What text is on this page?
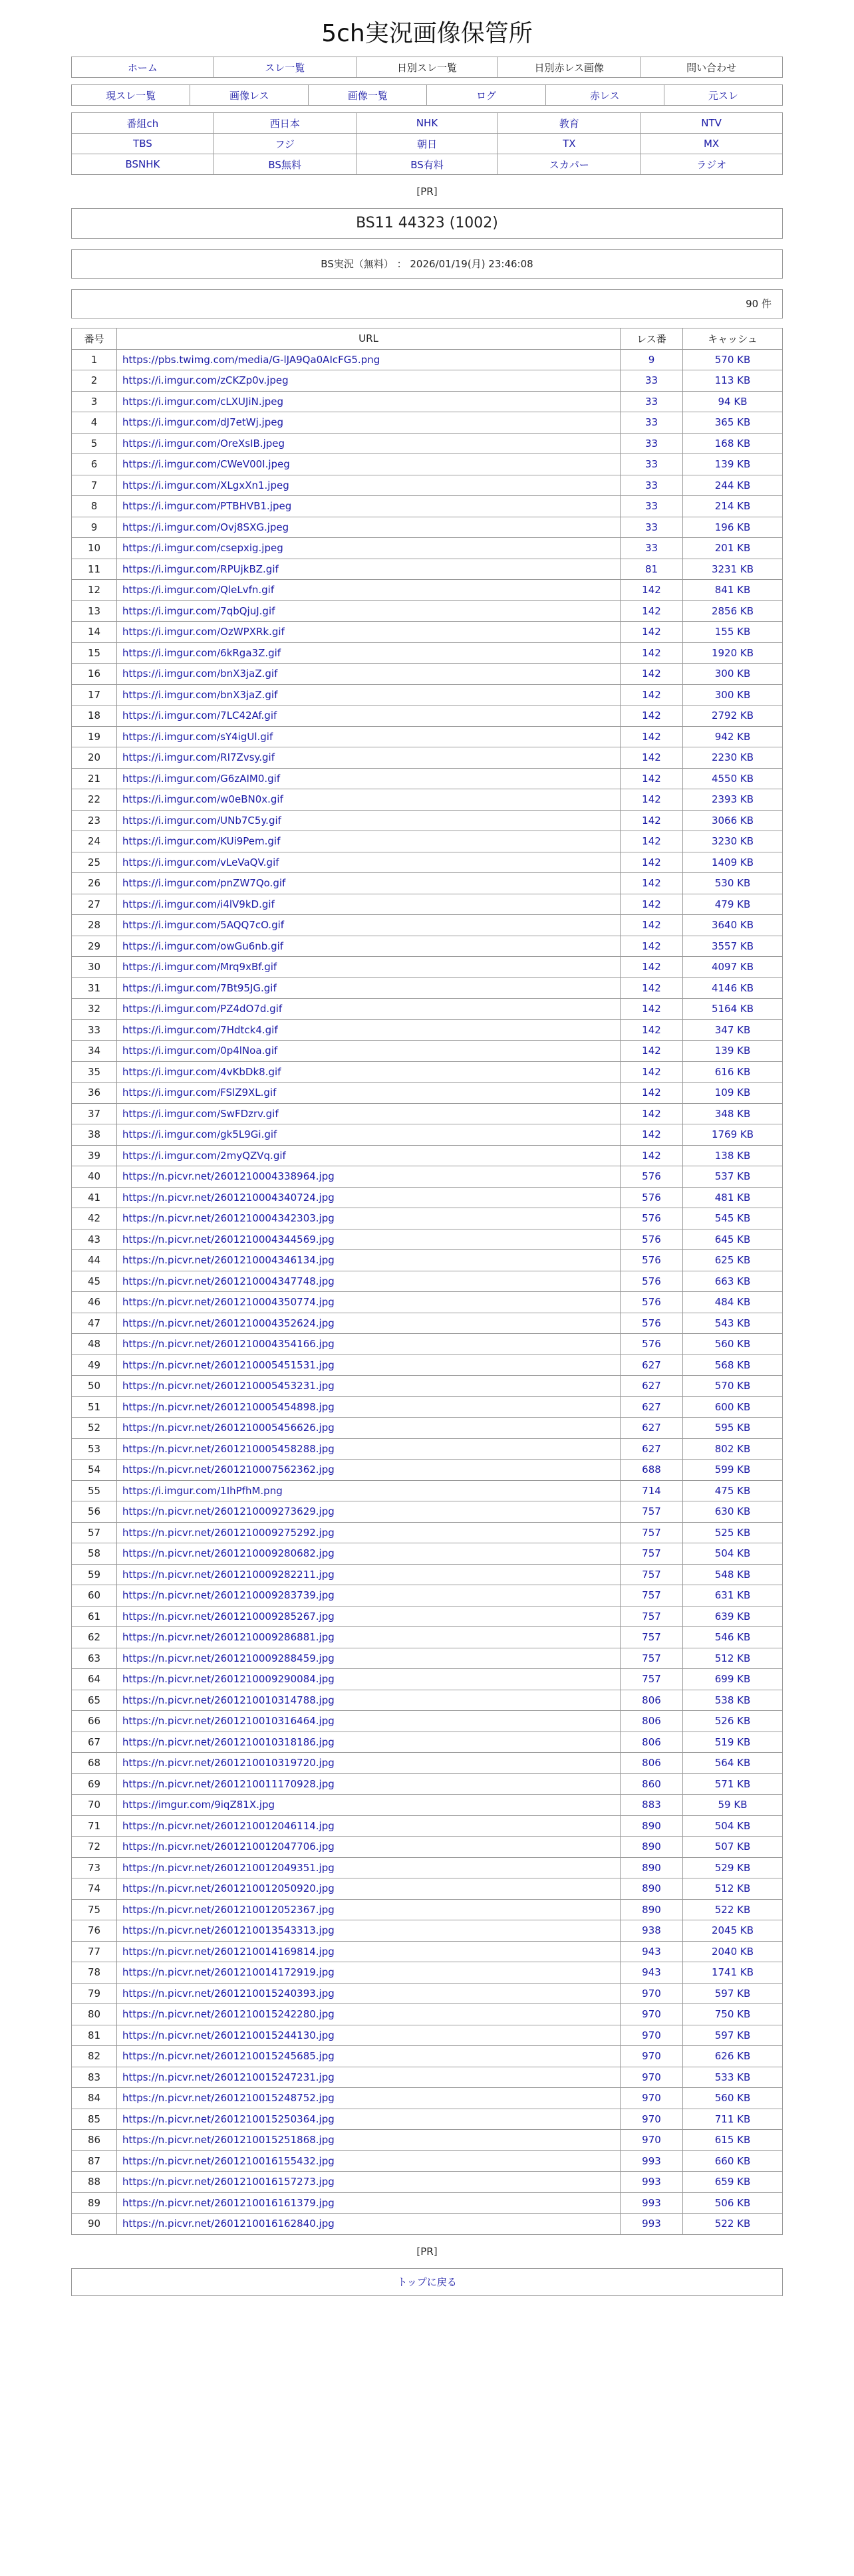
5ch実況画像保管所
ホーム	スレ一覧	日別スレ一覧	日別赤レス画像	問い合わせ
現スレ一覧	画像レス	画像一覧	ログ	赤レス	元スレ
番組ch	西日本	NHK	教育	NTV
TBS	フジ	朝日	TX	MX
BSNHK	BS無料	BS有料	スカパー	ラジオ
[PR]
BS11 44323 (1002)
BS実況（無料） ： 2026/01/19(月) 23:46:08
90 件
番号	URL	レス番	キャッシュ
1	https://pbs.twimg.com/media/G-lJA9Qa0AIcFG5.png	9	570 KB
2	https://i.imgur.com/zCKZp0v.jpeg	33	113 KB
3	https://i.imgur.com/cLXUJiN.jpeg	33	94 KB
4	https://i.imgur.com/dJ7etWj.jpeg	33	365 KB
5	https://i.imgur.com/OreXsIB.jpeg	33	168 KB
6	https://i.imgur.com/CWeV00I.jpeg	33	139 KB
7	https://i.imgur.com/XLgxXn1.jpeg	33	244 KB
8	https://i.imgur.com/PTBHVB1.jpeg	33	214 KB
9	https://i.imgur.com/Ovj8SXG.jpeg	33	196 KB
10	https://i.imgur.com/csepxig.jpeg	33	201 KB
11	https://i.imgur.com/RPUjkBZ.gif	81	3231 KB
12	https://i.imgur.com/QleLvfn.gif	142	841 KB
13	https://i.imgur.com/7qbQjuJ.gif	142	2856 KB
14	https://i.imgur.com/OzWPXRk.gif	142	155 KB
15	https://i.imgur.com/6kRga3Z.gif	142	1920 KB
16	https://i.imgur.com/bnX3jaZ.gif	142	300 KB
17	https://i.imgur.com/bnX3jaZ.gif	142	300 KB
18	https://i.imgur.com/7LC42Af.gif	142	2792 KB
19	https://i.imgur.com/sY4igUl.gif	142	942 KB
20	https://i.imgur.com/RI7Zvsy.gif	142	2230 KB
21	https://i.imgur.com/G6zAIM0.gif	142	4550 KB
22	https://i.imgur.com/w0eBN0x.gif	142	2393 KB
23	https://i.imgur.com/UNb7C5y.gif	142	3066 KB
24	https://i.imgur.com/KUi9Pem.gif	142	3230 KB
25	https://i.imgur.com/vLeVaQV.gif	142	1409 KB
26	https://i.imgur.com/pnZW7Qo.gif	142	530 KB
27	https://i.imgur.com/i4lV9kD.gif	142	479 KB
28	https://i.imgur.com/5AQQ7cO.gif	142	3640 KB
29	https://i.imgur.com/owGu6nb.gif	142	3557 KB
30	https://i.imgur.com/Mrq9xBf.gif	142	4097 KB
31	https://i.imgur.com/7Bt95JG.gif	142	4146 KB
32	https://i.imgur.com/PZ4dO7d.gif	142	5164 KB
33	https://i.imgur.com/7Hdtck4.gif	142	347 KB
34	https://i.imgur.com/0p4lNoa.gif	142	139 KB
35	https://i.imgur.com/4vKbDk8.gif	142	616 KB
36	https://i.imgur.com/FSlZ9XL.gif	142	109 KB
37	https://i.imgur.com/SwFDzrv.gif	142	348 KB
38	https://i.imgur.com/gk5L9Gi.gif	142	1769 KB
39	https://i.imgur.com/2myQZVq.gif	142	138 KB
40	https://n.picvr.net/2601210004338964.jpg	576	537 KB
41	https://n.picvr.net/2601210004340724.jpg	576	481 KB
42	https://n.picvr.net/2601210004342303.jpg	576	545 KB
43	https://n.picvr.net/2601210004344569.jpg	576	645 KB
44	https://n.picvr.net/2601210004346134.jpg	576	625 KB
45	https://n.picvr.net/2601210004347748.jpg	576	663 KB
46	https://n.picvr.net/2601210004350774.jpg	576	484 KB
47	https://n.picvr.net/2601210004352624.jpg	576	543 KB
48	https://n.picvr.net/2601210004354166.jpg	576	560 KB
49	https://n.picvr.net/2601210005451531.jpg	627	568 KB
50	https://n.picvr.net/2601210005453231.jpg	627	570 KB
51	https://n.picvr.net/2601210005454898.jpg	627	600 KB
52	https://n.picvr.net/2601210005456626.jpg	627	595 KB
53	https://n.picvr.net/2601210005458288.jpg	627	802 KB
54	https://n.picvr.net/2601210007562362.jpg	688	599 KB
55	https://i.imgur.com/1IhPfhM.png	714	475 KB
56	https://n.picvr.net/2601210009273629.jpg	757	630 KB
57	https://n.picvr.net/2601210009275292.jpg	757	525 KB
58	https://n.picvr.net/2601210009280682.jpg	757	504 KB
59	https://n.picvr.net/2601210009282211.jpg	757	548 KB
60	https://n.picvr.net/2601210009283739.jpg	757	631 KB
61	https://n.picvr.net/2601210009285267.jpg	757	639 KB
62	https://n.picvr.net/2601210009286881.jpg	757	546 KB
63	https://n.picvr.net/2601210009288459.jpg	757	512 KB
64	https://n.picvr.net/2601210009290084.jpg	757	699 KB
65	https://n.picvr.net/2601210010314788.jpg	806	538 KB
66	https://n.picvr.net/2601210010316464.jpg	806	526 KB
67	https://n.picvr.net/2601210010318186.jpg	806	519 KB
68	https://n.picvr.net/2601210010319720.jpg	806	564 KB
69	https://n.picvr.net/2601210011170928.jpg	860	571 KB
70	https://imgur.com/9iqZ81X.jpg	883	59 KB
71	https://n.picvr.net/2601210012046114.jpg	890	504 KB
72	https://n.picvr.net/2601210012047706.jpg	890	507 KB
73	https://n.picvr.net/2601210012049351.jpg	890	529 KB
74	https://n.picvr.net/2601210012050920.jpg	890	512 KB
75	https://n.picvr.net/2601210012052367.jpg	890	522 KB
76	https://n.picvr.net/2601210013543313.jpg	938	2045 KB
77	https://n.picvr.net/2601210014169814.jpg	943	2040 KB
78	https://n.picvr.net/2601210014172919.jpg	943	1741 KB
79	https://n.picvr.net/2601210015240393.jpg	970	597 KB
80	https://n.picvr.net/2601210015242280.jpg	970	750 KB
81	https://n.picvr.net/2601210015244130.jpg	970	597 KB
82	https://n.picvr.net/2601210015245685.jpg	970	626 KB
83	https://n.picvr.net/2601210015247231.jpg	970	533 KB
84	https://n.picvr.net/2601210015248752.jpg	970	560 KB
85	https://n.picvr.net/2601210015250364.jpg	970	711 KB
86	https://n.picvr.net/2601210015251868.jpg	970	615 KB
87	https://n.picvr.net/2601210016155432.jpg	993	660 KB
88	https://n.picvr.net/2601210016157273.jpg	993	659 KB
89	https://n.picvr.net/2601210016161379.jpg	993	506 KB
90	https://n.picvr.net/2601210016162840.jpg	993	522 KB
[PR]
トップに戻る
